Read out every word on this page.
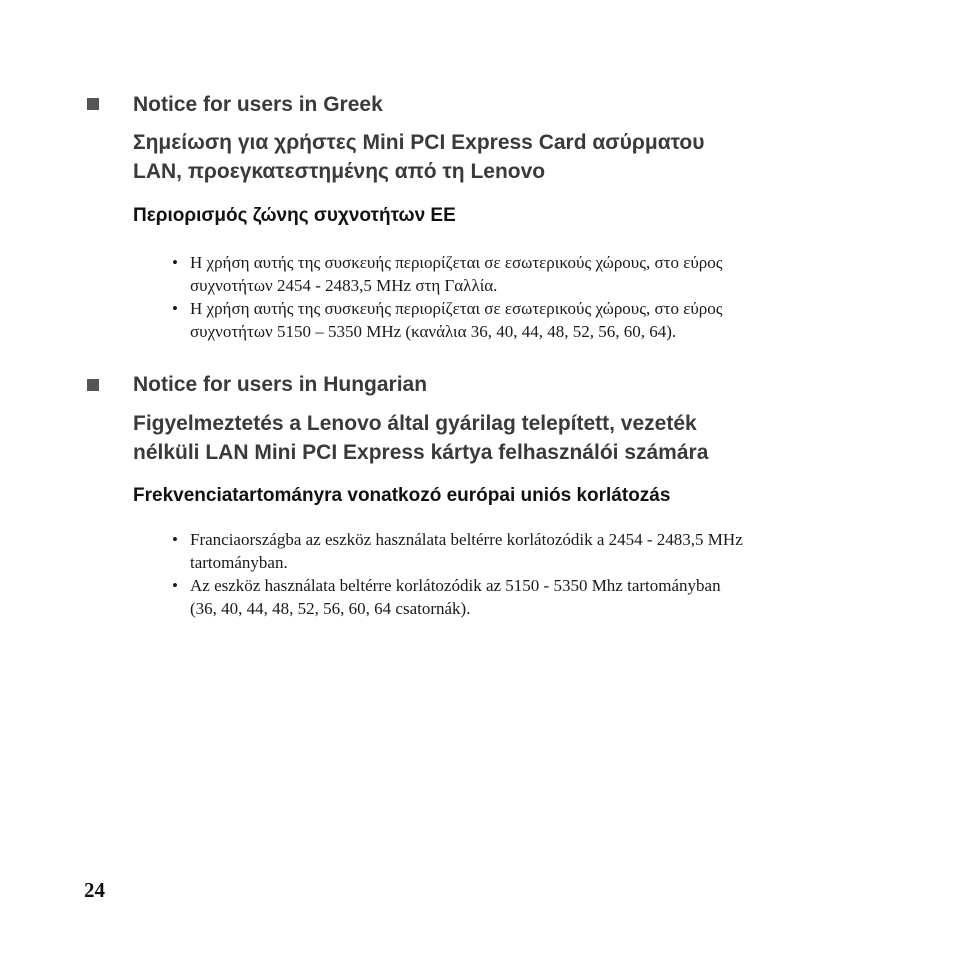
Notice for users in Greek
Σημείωση για χρήστες Mini PCI Express Card ασύρματου
LAN, προεγκατεστημένης από τη Lenovo
Περιορισμός ζώνης συχνοτήτων ΕΕ
• Η χρήση αυτής της συσκευής περιορίζεται σε εσωτερικούς χώρους, στο εύρος
συχνοτήτων 2454 - 2483,5 MHz στη Γαλλία.
• Η χρήση αυτής της συσκευής περιορίζεται σε εσωτερικούς χώρους, στο εύρος
συχνοτήτων 5150 – 5350 MHz (κανάλια 36, 40, 44, 48, 52, 56, 60, 64).
Notice for users in Hungarian
Figyelmeztetés a Lenovo által gyárilag telepített, vezeték
nélküli LAN Mini PCI Express kártya felhasználói számára
Frekvenciatartományra vonatkozó európai uniós korlátozás
• Franciaországba az eszköz használata beltérre korlátozódik a 2454 - 2483,5 MHz
tartományban.
• Az eszköz használata beltérre korlátozódik az 5150 - 5350 Mhz tartományban
(36, 40, 44, 48, 52, 56, 60, 64 csatornák).
24
